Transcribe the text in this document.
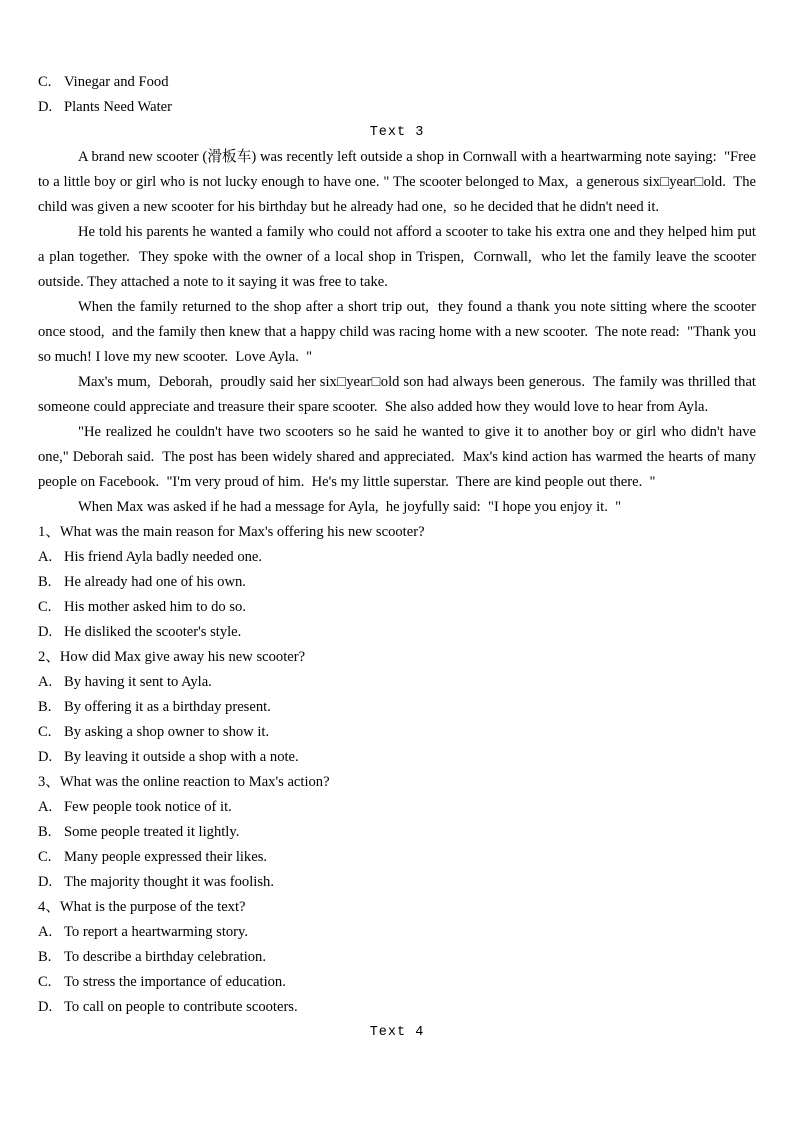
C. Vinegar and Food
D. Plants Need Water
Text 3

A brand new scooter (滑板车) was recently left outside a shop in Cornwall with a heartwarming note saying:  "Free to a little boy or girl who is not lucky enough to have one. " The scooter belonged to Max,  a generous six□year□old.  The child was given a new scooter for his birthday but he already had one,  so he decided that he didn't need it.

He told his parents he wanted a family who could not afford a scooter to take his extra one and they helped him put a plan together.  They spoke with the owner of a local shop in Trispen,  Cornwall,  who let the family leave the scooter outside. They attached a note to it saying it was free to take.

When the family returned to the shop after a short trip out,  they found a thank you note sitting where the scooter once stood,  and the family then knew that a happy child was racing home with a new scooter.  The note read:  "Thank you so much! I love my new scooter.  Love Ayla.  "

Max's mum,  Deborah,  proudly said her six□year□old son had always been generous.  The family was thrilled that someone could appreciate and treasure their spare scooter.  She also added how they would love to hear from Ayla.

"He realized he couldn't have two scooters so he said he wanted to give it to another boy or girl who didn't have one," Deborah said.  The post has been widely shared and appreciated.  Max's kind action has warmed the hearts of many people on Facebook.  "I'm very proud of him.  He's my little superstar.  There are kind people out there.  "

When Max was asked if he had a message for Ayla,  he joyfully said:  "I hope you enjoy it.  "

1、What was the main reason for Max's offering his new scooter?
A. His friend Ayla badly needed one.
B. He already had one of his own.
C. His mother asked him to do so.
D. He disliked the scooter's style.
2、How did Max give away his new scooter?
A. By having it sent to Ayla.
B. By offering it as a birthday present.
C. By asking a shop owner to show it.
D. By leaving it outside a shop with a note.
3、What was the online reaction to Max's action?
A. Few people took notice of it.
B. Some people treated it lightly.
C. Many people expressed their likes.
D. The majority thought it was foolish.
4、What is the purpose of the text?
A. To report a heartwarming story.
B. To describe a birthday celebration.
C. To stress the importance of education.
D. To call on people to contribute scooters.
Text 4
